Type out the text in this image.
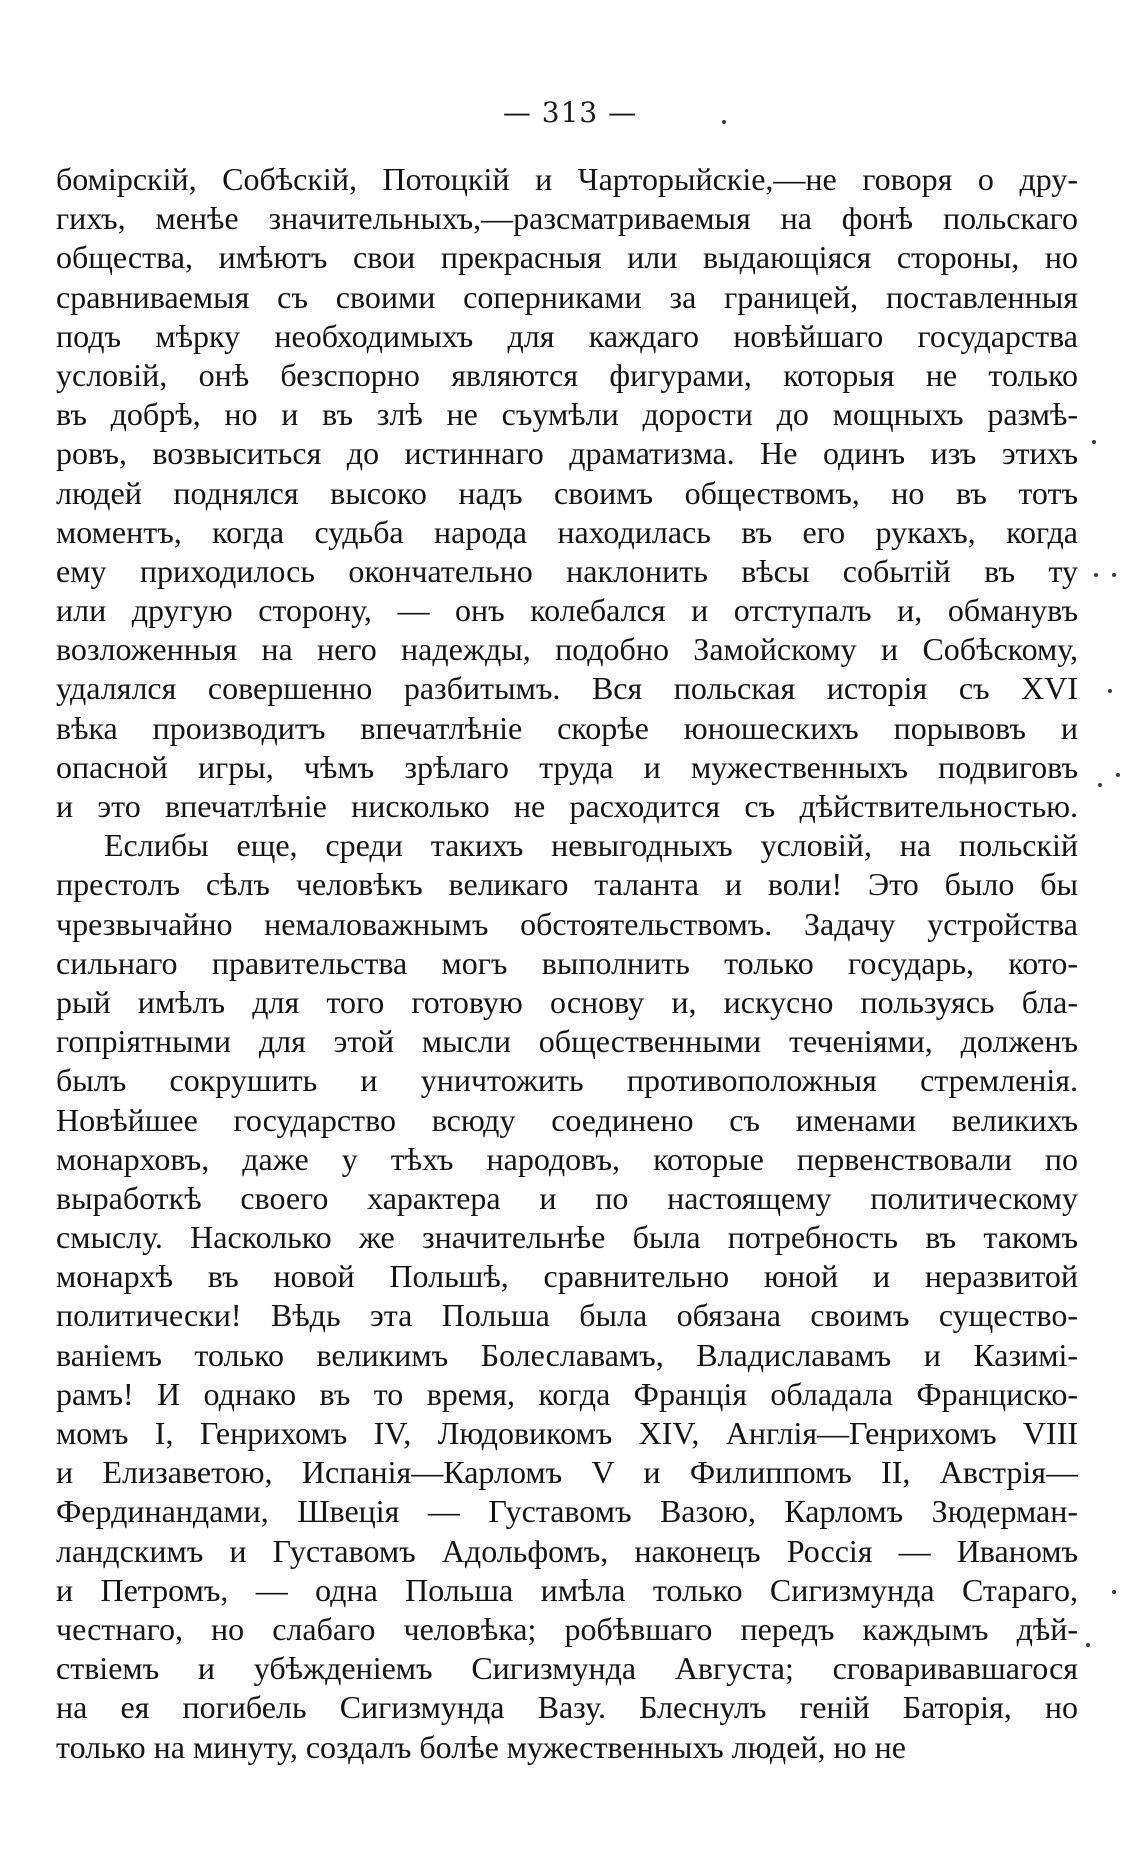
— 313 —
бомірскій, Собѣскій, Потоцкій и Чарторыйскіе,—не говоря о дру-
гихъ, менѣе значительныхъ,—разсматриваемыя на фонѣ польскаго
общества, имѣютъ свои прекрасныя или выдающіяся стороны, но
сравниваемыя съ своими соперниками за границей, поставленныя
подъ мѣрку необходимыхъ для каждаго новѣйшаго государства
условій, онѣ безспорно являются фигурами, которыя не только
въ добрѣ, но и въ злѣ не съумѣли дорости до мощныхъ размѣ-
ровъ, возвыситься до истиннаго драматизма. Не одинъ изъ этихъ
людей поднялся высоко надъ своимъ обществомъ, но въ тотъ
моментъ, когда судьба народа находилась въ его рукахъ, когда
ему приходилось окончательно наклонить вѣсы событій въ ту
или другую сторону, — онъ колебался и отступалъ и, обманувъ
возложенныя на него надежды, подобно Замойскому и Собѣскому,
удалялся совершенно разбитымъ. Вся польская исторія съ XVI
вѣка производитъ впечатлѣніе скорѣе юношескихъ порывовъ и
опасной игры, чѣмъ зрѣлаго труда и мужественныхъ подвиговъ
и это впечатлѣніе нисколько не расходится съ дѣйствительностью.
Еслибы еще, среди такихъ невыгодныхъ условій, на польскій
престолъ сѣлъ человѣкъ великаго таланта и воли! Это было бы
чрезвычайно немаловажнымъ обстоятельствомъ. Задачу устройства
сильнаго правительства могъ выполнить только государь, кото-
рый имѣлъ для того готовую основу и, искусно пользуясь бла-
гопріятными для этой мысли общественными теченіями, долженъ
былъ сокрушить и уничтожить противоположныя стремленія.
Новѣйшее государство всюду соединено съ именами великихъ
монарховъ, даже у тѣхъ народовъ, которые первенствовали по
выработкѣ своего характера и по настоящему политическому
смыслу. Насколько же значительнѣе была потребность въ такомъ
монархѣ въ новой Польшѣ, сравнительно юной и неразвитой
политически! Вѣдь эта Польша была обязана своимъ существо-
ваніемъ только великимъ Болеславамъ, Владиславамъ и Казимі-
рамъ! И однако въ то время, когда Франція обладала Франциско-
момъ I, Генрихомъ IV, Людовикомъ XIV, Англія—Генрихомъ VIII
и Елизаветою, Испанія—Карломъ V и Филиппомъ II, Австрія—
Фердинандами, Швеція — Густавомъ Вазою, Карломъ Зюдерман-
ландскимъ и Густавомъ Адольфомъ, наконецъ Россія — Иваномъ
и Петромъ, — одна Польша имѣла только Сигизмунда Стараго,
честнаго, но слабаго человѣка; робѣвшаго передъ каждымъ дѣй-
ствіемъ и убѣжденіемъ Сигизмунда Августа; сговаривавшагося
на ея погибель Сигизмунда Вазу. Блеснулъ геній Баторія, но
только на минуту, создалъ болѣе мужественныхъ людей, но не
